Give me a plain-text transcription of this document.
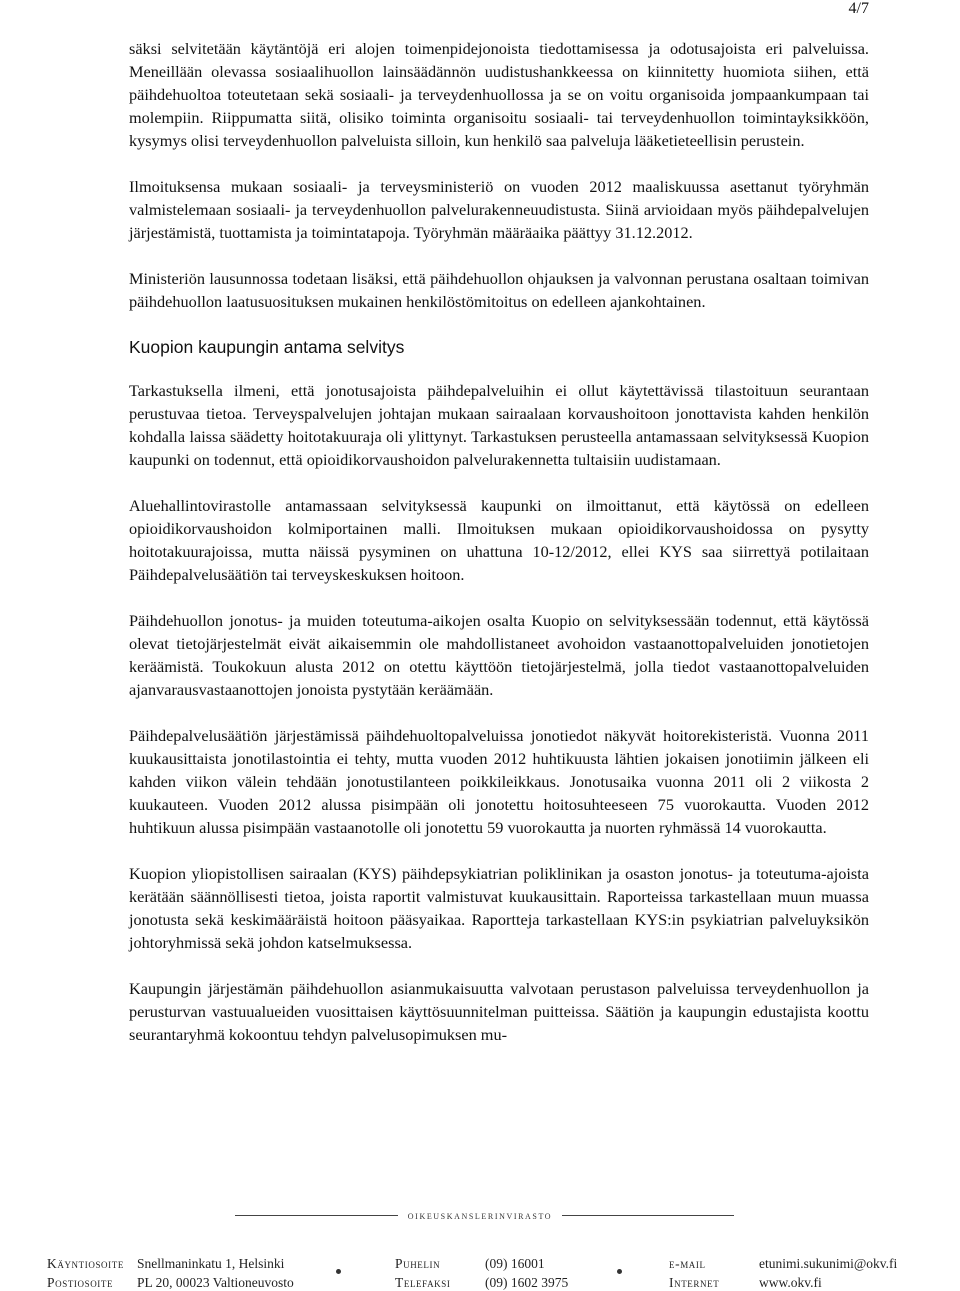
4/7

säksi selvitetään käytäntöjä eri alojen toimenpidejonoista tiedottamisessa ja odotusajoista eri palveluissa. Meneillään olevassa sosiaalihuollon lainsäädännön uudistushankkeessa on kiinnitetty huomiota siihen, että päihdehuoltoa toteutetaan sekä sosiaali- ja terveydenhuollossa ja se on voitu organisoida jompaankumpaan tai molempiin. Riippumatta siitä, olisiko toiminta organisoitu sosiaali- tai terveydenhuollon toimintayksikköön, kysymys olisi terveydenhuollon palveluista silloin, kun henkilö saa palveluja lääketieteellisin perustein.

Ilmoituksensa mukaan sosiaali- ja terveysministeriö on vuoden 2012 maaliskuussa asettanut työryhmän valmistelemaan sosiaali- ja terveydenhuollon palvelurakenneuudistusta. Siinä arvioidaan myös päihdepalvelujen järjestämistä, tuottamista ja toimintatapoja. Työryhmän määräaika päättyy 31.12.2012.

Ministeriön lausunnossa todetaan lisäksi, että päihdehuollon ohjauksen ja valvonnan perustana osaltaan toimivan päihdehuollon laatusuosituksen mukainen henkilöstömitoitus on edelleen ajankohtainen.

Kuopion kaupungin antama selvitys

Tarkastuksella ilmeni, että jonotusajoista päihdepalveluihin ei ollut käytettävissä tilastoituun seurantaan perustuvaa tietoa. Terveyspalvelujen johtajan mukaan sairaalaan korvaushoitoon jonottavista kahden henkilön kohdalla laissa säädetty hoitotakuuraja oli ylittynyt. Tarkastuksen perusteella antamassaan selvityksessä Kuopion kaupunki on todennut, että opioidikorvaushoidon palvelurakennetta tultaisiin uudistamaan.

Aluehallintovirastolle antamassaan selvityksessä kaupunki on ilmoittanut, että käytössä on edelleen opioidikorvaushoidon kolmiportainen malli. Ilmoituksen mukaan opioidikorvaushoidossa on pysytty hoitotakuurajoissa, mutta näissä pysyminen on uhattuna 10-12/2012, ellei KYS saa siirrettyä potilaitaan Päihdepalvelusäätiön tai terveyskeskuksen hoitoon.

Päihdehuollon jonotus- ja muiden toteutuma-aikojen osalta Kuopio on selvityksessään todennut, että käytössä olevat tietojärjestelmät eivät aikaisemmin ole mahdollistaneet avohoidon vastaanottopalveluiden jonotietojen keräämistä. Toukokuun alusta 2012 on otettu käyttöön tietojärjestelmä, jolla tiedot vastaanottopalveluiden ajanvarausvastaanottojen jonoista pystytään keräämään.

Päihdepalvelusäätiön järjestämissä päihdehuoltopalveluissa jonotiedot näkyvät hoitorekisteristä. Vuonna 2011 kuukausittaista jonotilastointia ei tehty, mutta vuoden 2012 huhtikuusta lähtien jokaisen jonotiimin jälkeen eli kahden viikon välein tehdään jonotustilanteen poikkileikkaus. Jonotusaika vuonna 2011 oli 2 viikosta 2 kuukauteen. Vuoden 2012 alussa pisimpään oli jonotettu hoitosuhteeseen 75 vuorokautta. Vuoden 2012 huhtikuun alussa pisimpään vastaanotolle oli jonotettu 59 vuorokautta ja nuorten ryhmässä 14 vuorokautta.

Kuopion yliopistollisen sairaalan (KYS) päihdepsykiatrian poliklinikan ja osaston jonotus- ja toteutuma-ajoista kerätään säännöllisesti tietoa, joista raportit valmistuvat kuukausittain. Raporteissa tarkastellaan muun muassa jonotusta sekä keskimääräistä hoitoon pääsyaikaa. Raportteja tarkastellaan KYS:in psykiatrian palveluyksikön johtoryhmissä sekä johdon katselmuksessa.

Kaupungin järjestämän päihdehuollon asianmukaisuutta valvotaan perustason palveluissa terveydenhuollon ja perusturvan vastuualueiden vuosittaisen käyttösuunnitelman puitteissa. Säätiön ja kaupungin edustajista koottu seurantaryhmä kokoontuu tehdyn palvelusopimuksen mu-

oikeuskanslerinvirasto
Käyntiosoite Snellmaninkatu 1, Helsinki
Postiosoite PL 20, 00023 Valtioneuvosto
Puhelin	(09) 16001
Telefaksi	(09) 1602 3975
e-mail	etunimi.sukunimi@okv.fi
Internet	www.okv.fi
